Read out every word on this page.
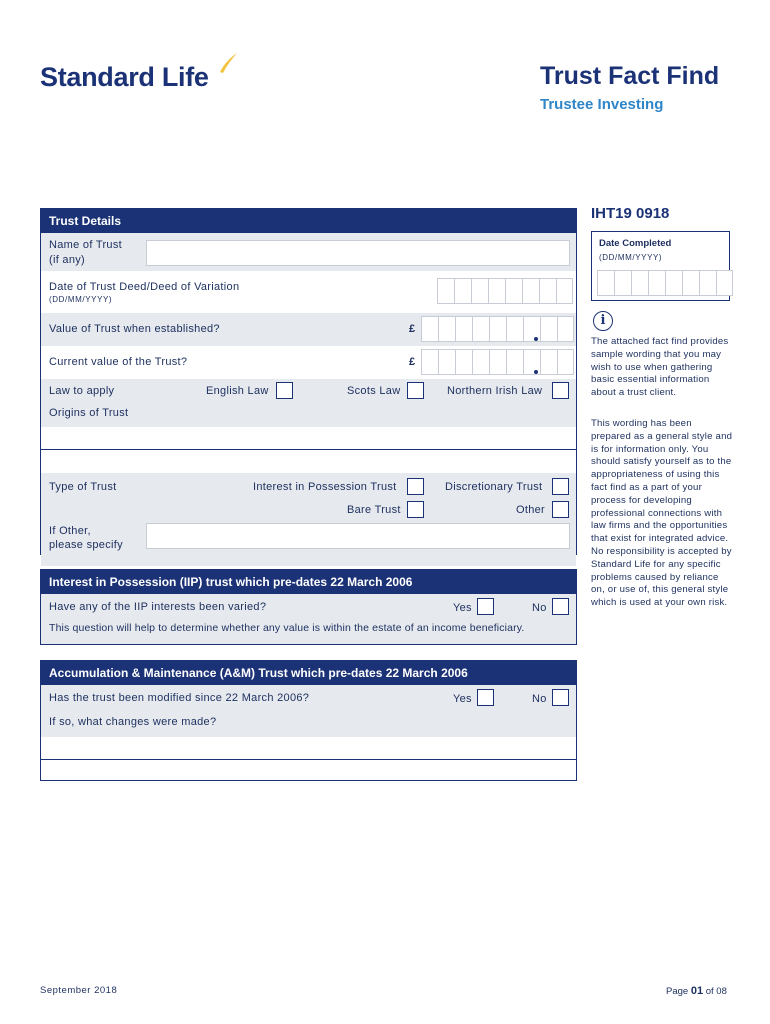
Standard Life	Trust Fact Find
Trustee Investing
IHT19 0918
Date Completed
(DD/MM/YYYY)
i
The attached fact find provides sample wording that you may wish to use when gathering basic essential information about a trust client.
This wording has been prepared as a general style and is for information only. You should satisfy yourself as to the appropriateness of using this fact find as a part of your process for developing professional connections with law firms and the opportunities that exist for integrated advice. No responsibility is accepted by Standard Life for any specific problems caused by reliance on, or use of, this general style which is used at your own risk.
Trust Details
Name of Trust
(if any)
Date of Trust Deed/Deed of Variation
(DD/MM/YYYY)
Value of Trust when established?	£
Current value of the Trust?	£
Law to apply	English Law	Scots Law	Northern Irish Law
Origins of Trust
Type of Trust	Interest in Possession Trust	Discretionary Trust
Bare Trust	Other
If Other,
please specify
Interest in Possession (IIP) trust which pre-dates 22 March 2006
Have any of the IIP interests been varied?	Yes	No
This question will help to determine whether any value is within the estate of an income beneficiary.
Accumulation & Maintenance (A&M) Trust which pre-dates 22 March 2006
Has the trust been modified since 22 March 2006?	Yes	No
If so, what changes were made?
September 2018	Page 01 of 08
